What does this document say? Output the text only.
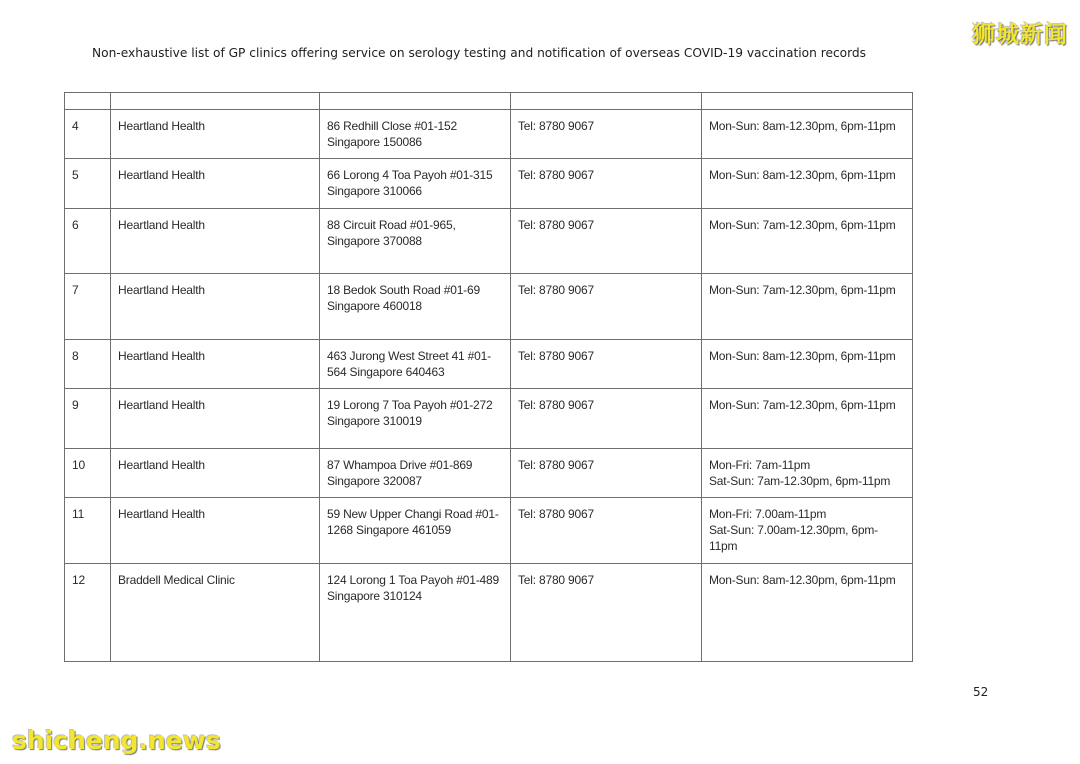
狮城新闻
Non-exhaustive list of GP clinics offering service on serology testing and notification of overseas COVID-19 vaccination records

4	Heartland Health	86 Redhill Close #01-152
Singapore 150086	Tel: 8780 9067	Mon-Sun: 8am-12.30pm, 6pm-11pm

5	Heartland Health	66 Lorong 4 Toa Payoh #01-315
Singapore 310066	Tel: 8780 9067	Mon-Sun: 8am-12.30pm, 6pm-11pm

6	Heartland Health	88 Circuit Road #01-965,
Singapore 370088	Tel: 8780 9067	Mon-Sun: 7am-12.30pm, 6pm-11pm

7	Heartland Health	18 Bedok South Road #01-69
Singapore 460018	Tel: 8780 9067	Mon-Sun: 7am-12.30pm, 6pm-11pm

8	Heartland Health	463 Jurong West Street 41 #01-
564 Singapore 640463	Tel: 8780 9067	Mon-Sun: 8am-12.30pm, 6pm-11pm

9	Heartland Health	19 Lorong 7 Toa Payoh #01-272
Singapore 310019	Tel: 8780 9067	Mon-Sun: 7am-12.30pm, 6pm-11pm

10	Heartland Health	87 Whampoa Drive #01-869
Singapore 320087	Tel: 8780 9067	Mon-Fri: 7am-11pm
Sat-Sun: 7am-12.30pm, 6pm-11pm

11	Heartland Health	59 New Upper Changi Road #01-
1268 Singapore 461059	Tel: 8780 9067	Mon-Fri: 7.00am-11pm
Sat-Sun: 7.00am-12.30pm, 6pm-
11pm

12	Braddell Medical Clinic	124 Lorong 1 Toa Payoh #01-489
Singapore 310124	Tel: 8780 9067	Mon-Sun: 8am-12.30pm, 6pm-11pm
52
shicheng.news
